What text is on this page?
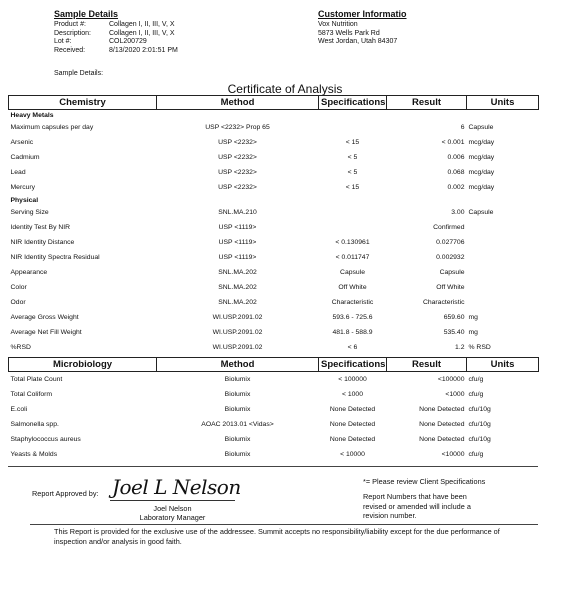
Sample Details
Product #:	Collagen I, II, III, V, X
Description:	Collagen I, II, III, V, X
Lot #:	COL200729
Received:	8/13/2020 2:01:51 PM
Sample Details:
Customer Informatio
Vox Nutrition
5873 Wells Park Rd
West Jordan, Utah 84307
Certificate of Analysis
Chemistry	Method	Specifications	Result	Units
Heavy Metals				
Maximum capsules per day	USP <2232> Prop 65		6	Capsule
Arsenic	USP <2232>	< 15	< 0.001	mcg/day
Cadmium	USP <2232>	< 5	0.006	mcg/day
Lead	USP <2232>	< 5	0.068	mcg/day
Mercury	USP <2232>	< 15	0.002	mcg/day
Physical				
Serving Size	SNL.MA.210		3.00	Capsule
Identity Test By NIR	USP <1119>		Confirmed	
NIR Identity Distance	USP <1119>	< 0.130961	0.027706	
NIR Identity Spectra Residual	USP <1119>	< 0.011747	0.002932	
Appearance	SNL.MA.202	Capsule	Capsule	
Color	SNL.MA.202	Off White	Off White	
Odor	SNL.MA.202	Characteristic	Characteristic	
Average Gross Weight	WI.USP.2091.02	593.6 - 725.6	659.60	mg
Average Net Fill Weight	WI.USP.2091.02	481.8 - 588.9	535.40	mg
%RSD	WI.USP.2091.02	< 6	1.2	% RSD
Microbiology	Method	Specifications	Result	Units
Total Plate Count	Biolumix	< 100000	<100000	cfu/g
Total Coliform	Biolumix	< 1000	<1000	cfu/g
E.coli	Biolumix	None Detected	None Detected	cfu/10g
Salmonella spp.	AOAC 2013.01 <Vidas>	None Detected	None Detected	cfu/10g
Staphylococcus aureus	Biolumix	None Detected	None Detected	cfu/10g
Yeasts & Molds	Biolumix	< 10000	<10000	cfu/g
Report Approved by: Joel L Nelson
Joel Nelson
Laboratory Manager
*= Please review Client Specifications
Report Numbers that have been
revised or amended will include a
revision number.
This Report is provided for the exclusive use of the addressee. Summit accepts no responsibility/liability except for the due performance of inspection and/or analysis in good faith.
